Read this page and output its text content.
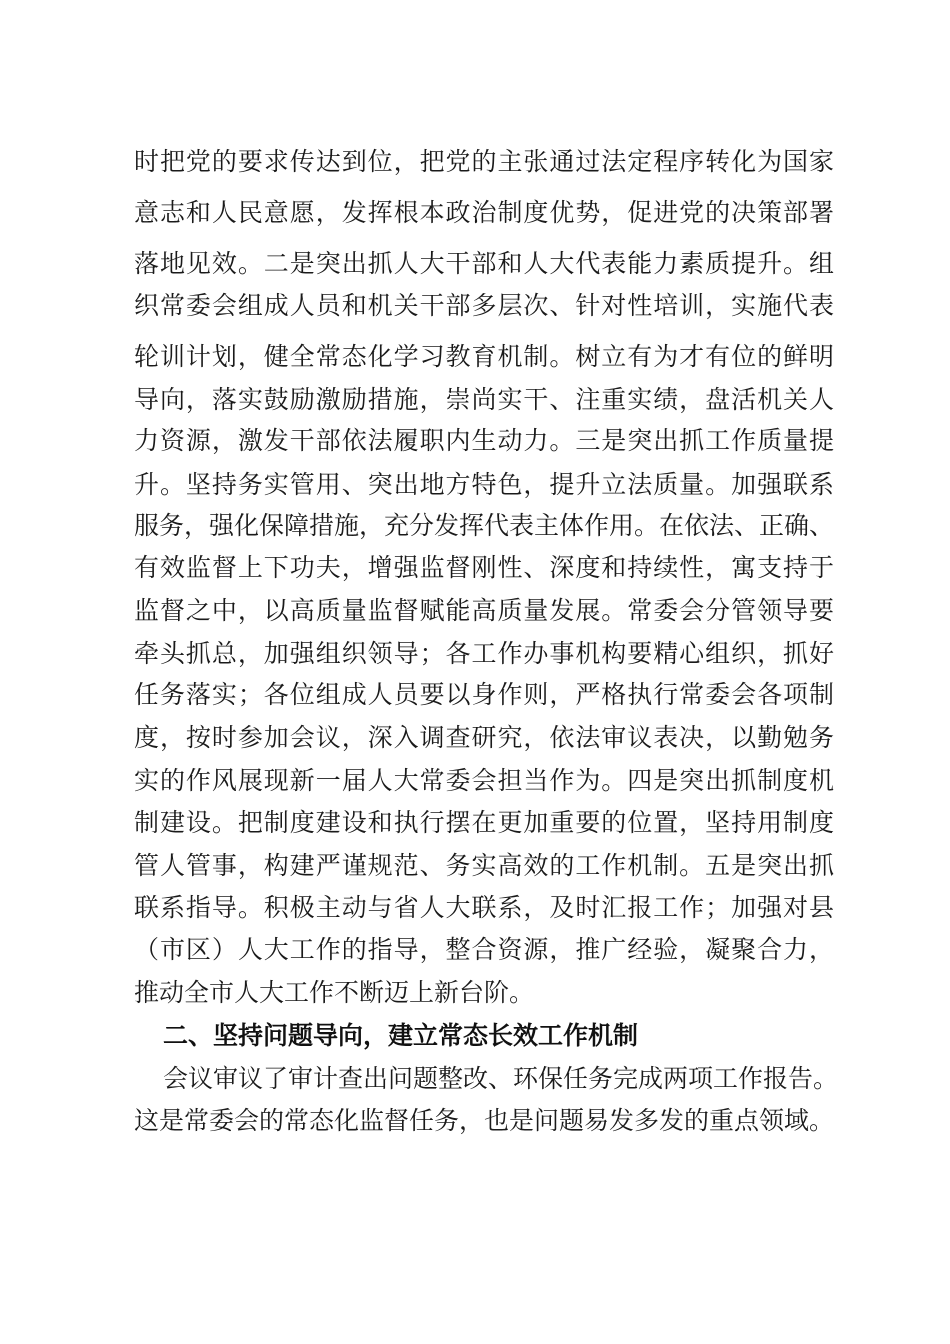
时把党的要求传达到位，把党的主张通过法定程序转化为国家
意志和人民意愿，发挥根本政治制度优势，促进党的决策部署
落地见效。二是突出抓人大干部和人大代表能力素质提升。组
织常委会组成人员和机关干部多层次、针对性培训，实施代表
轮训计划，健全常态化学习教育机制。树立有为才有位的鲜明
导向，落实鼓励激励措施，崇尚实干、注重实绩，盘活机关人
力资源，激发干部依法履职内生动力。三是突出抓工作质量提
升。坚持务实管用、突出地方特色，提升立法质量。加强联系
服务，强化保障措施，充分发挥代表主体作用。在依法、正确、
有效监督上下功夫，增强监督刚性、深度和持续性，寓支持于
监督之中，以高质量监督赋能高质量发展。常委会分管领导要
牵头抓总，加强组织领导；各工作办事机构要精心组织，抓好
任务落实；各位组成人员要以身作则，严格执行常委会各项制
度，按时参加会议，深入调查研究，依法审议表决，以勤勉务
实的作风展现新一届人大常委会担当作为。四是突出抓制度机
制建设。把制度建设和执行摆在更加重要的位置，坚持用制度
管人管事，构建严谨规范、务实高效的工作机制。五是突出抓
联系指导。积极主动与省人大联系，及时汇报工作；加强对县
（市区）人大工作的指导，整合资源，推广经验，凝聚合力，
推动全市人大工作不断迈上新台阶。
二、坚持问题导向，建立常态长效工作机制
会议审议了审计查出问题整改、环保任务完成两项工作报告。
这是常委会的常态化监督任务，也是问题易发多发的重点领域。
